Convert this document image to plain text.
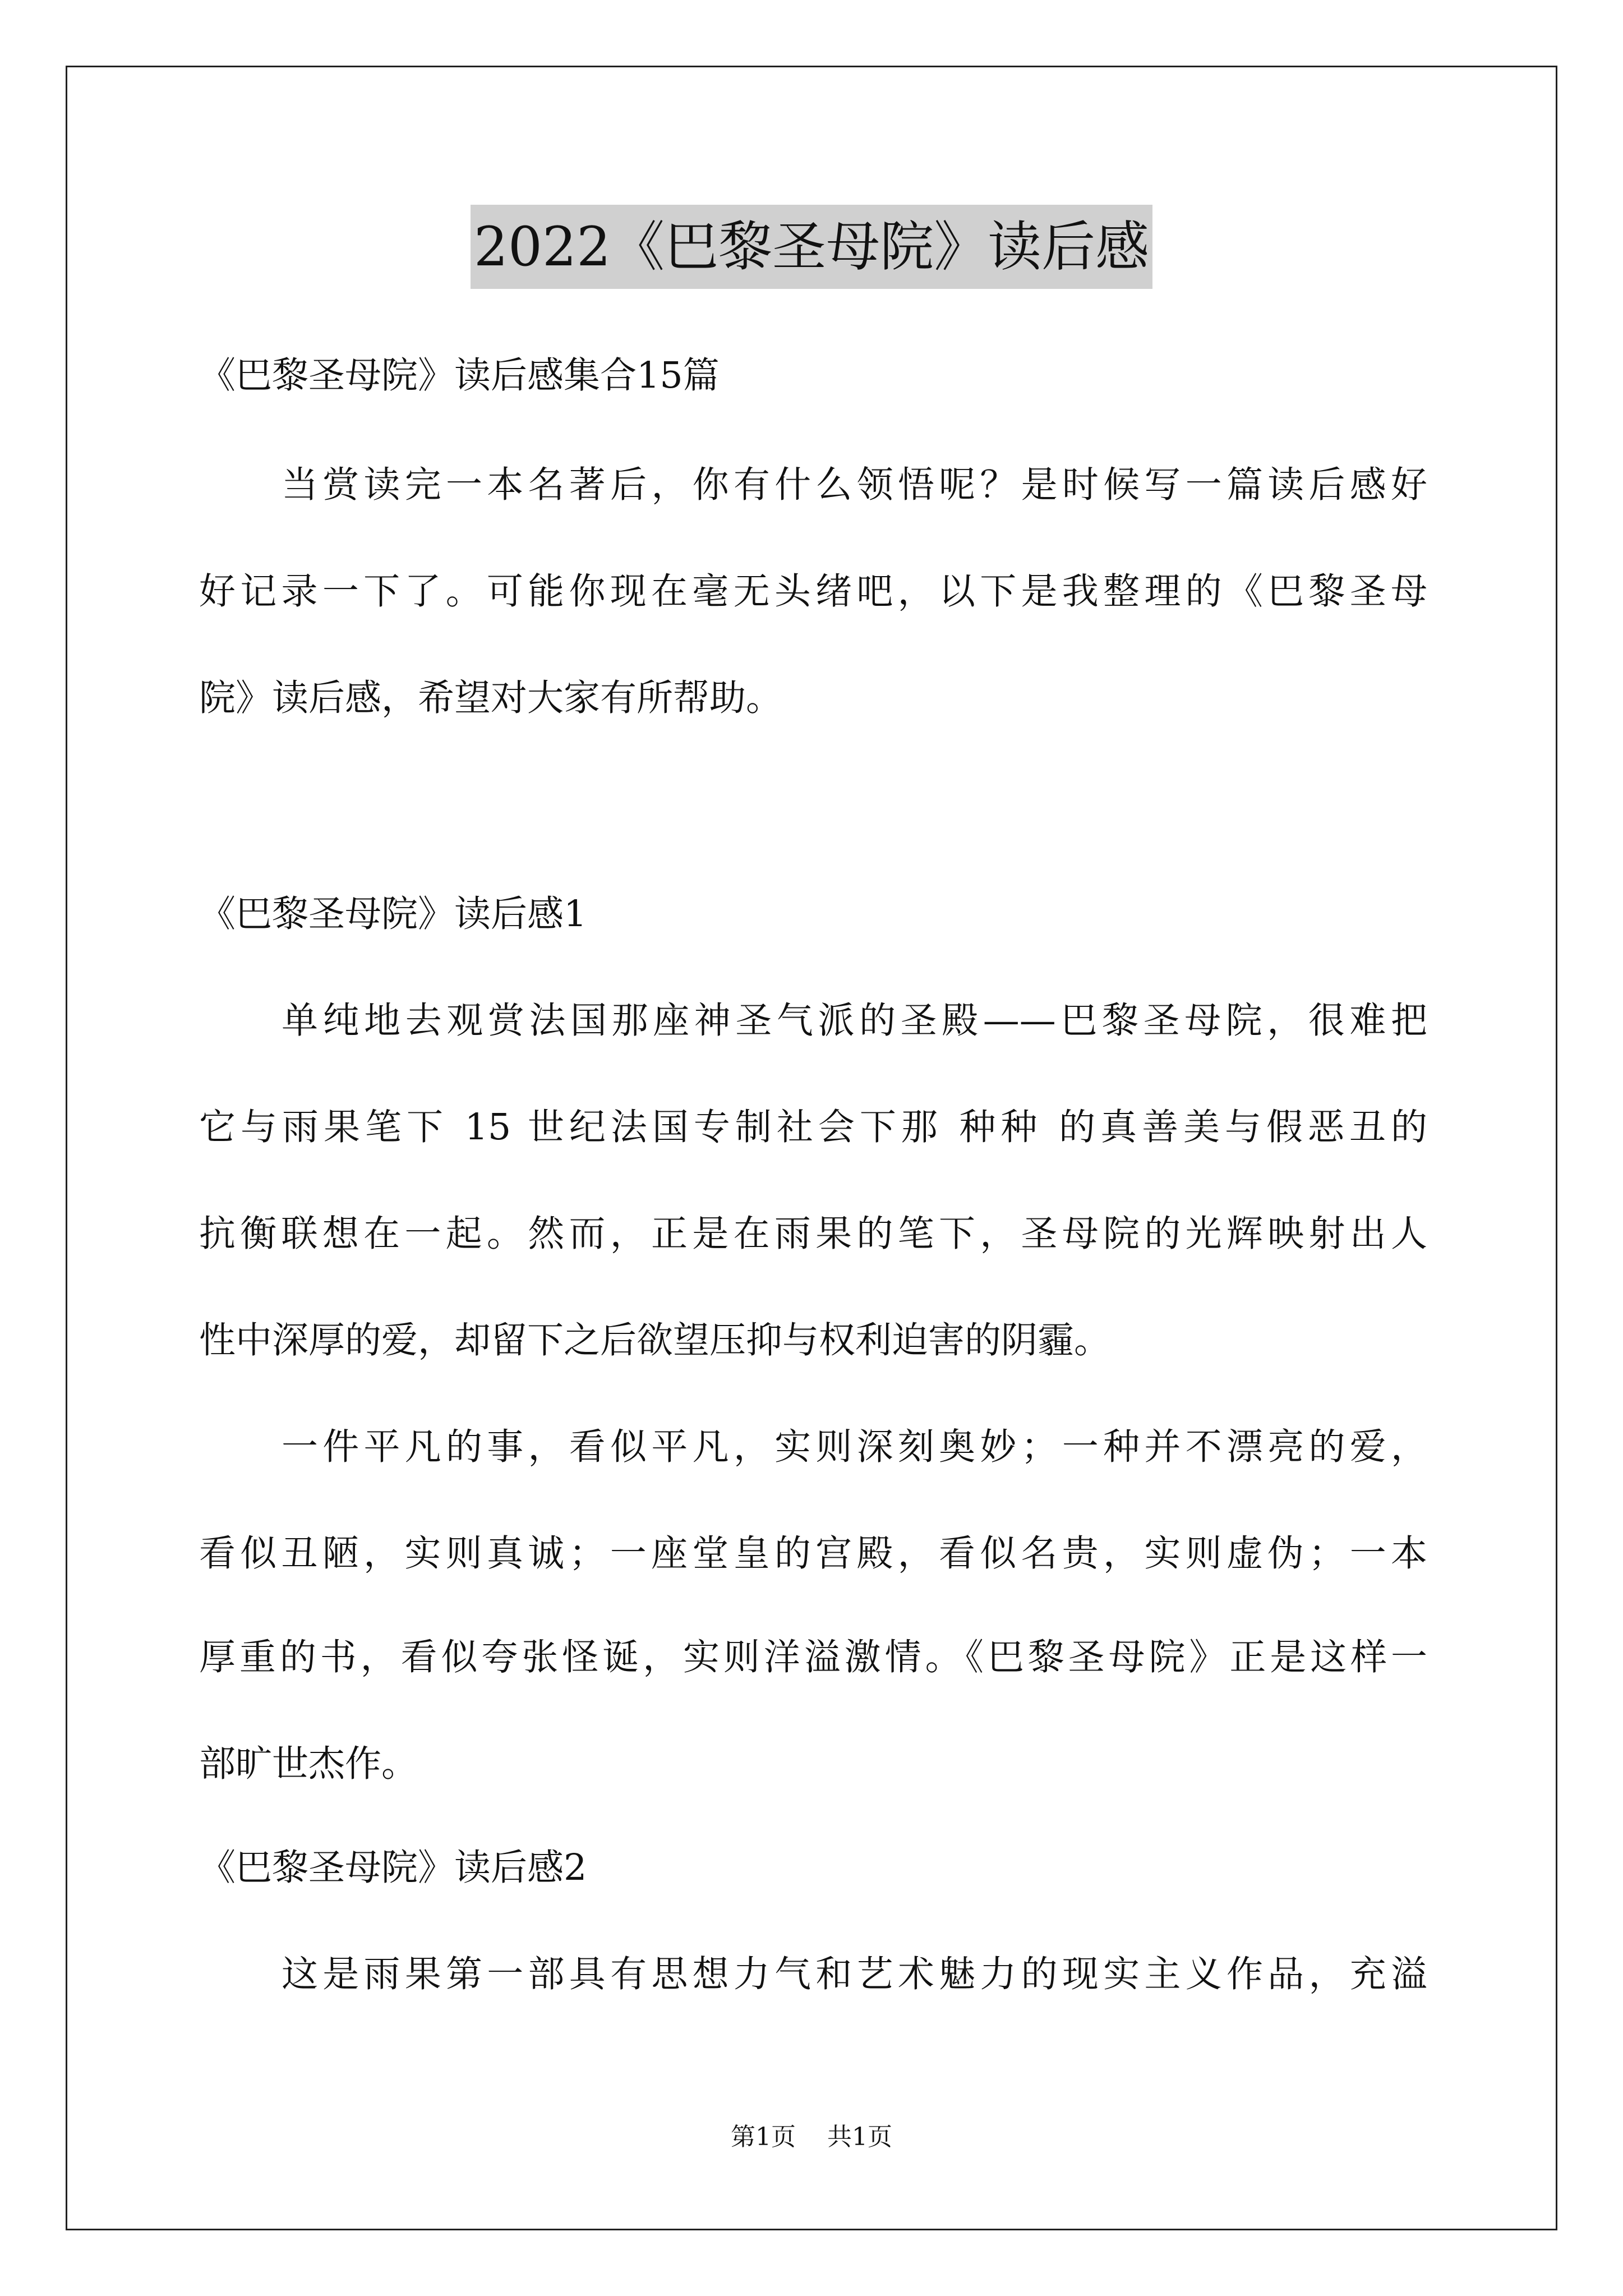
2022《巴黎圣母院》读后感
《巴黎圣母院》读后感集合15篇
当赏读完一本名著后，你有什么领悟呢？是时候写一篇读后感好
好记录一下了。可能你现在毫无头绪吧，以下是我整理的《巴黎圣母
院》读后感，希望对大家有所帮助。
《巴黎圣母院》读后感1
单纯地去观赏法国那座神圣气派的圣殿——巴黎圣母院，很难把
它与雨果笔下 15 世纪法国专制社会下那 种种 的真善美与假恶丑的
抗衡联想在一起。然而，正是在雨果的笔下，圣母院的光辉映射出人
性中深厚的爱，却留下之后欲望压抑与权利迫害的阴霾。
一件平凡的事，看似平凡，实则深刻奥妙；一种并不漂亮的爱，
看似丑陋，实则真诚；一座堂皇的宫殿，看似名贵，实则虚伪；一本
厚重的书，看似夸张怪诞，实则洋溢激情。《巴黎圣母院》正是这样一
部旷世杰作。
《巴黎圣母院》读后感2
这是雨果第一部具有思想力气和艺术魅力的现实主义作品，充溢
第1页    共1页
